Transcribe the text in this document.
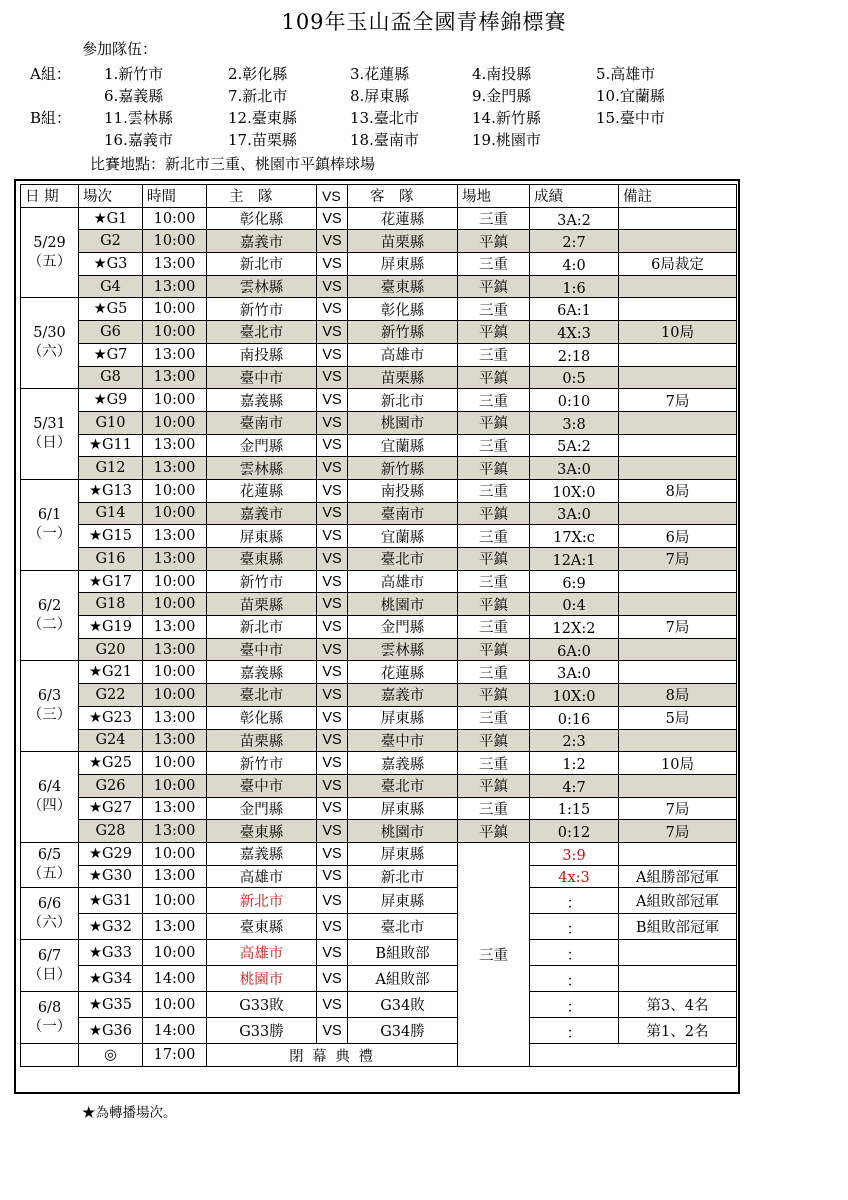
109年玉山盃全國青棒錦標賽
參加隊伍：
A組： 1.新竹市	2.彰化縣	3.花蓮縣	4.南投縣	5.高雄市
6.嘉義縣	7.新北市	8.屏東縣	9.金門縣	10.宜蘭縣
B組： 11.雲林縣	12.臺東縣	13.臺北市	14.新竹縣	15.臺中市
16.嘉義市	17.苗栗縣	18.臺南市	19.桃園市
比賽地點：新北市三重、桃園市平鎮棒球場
日 期	場次	時間	主　隊	VS	客　隊	場地	成績	備註

5/29
（五）	★G1	10:00	彰化縣	VS	花蓮縣	三重	3A:2	
	G2	10:00	嘉義市	VS	苗栗縣	平鎮	2:7	
	★G3	13:00	新北市	VS	屏東縣	三重	4:0	6局裁定
	G4	13:00	雲林縣	VS	臺東縣	平鎮	1:6	

5/30
（六）	★G5	10:00	新竹市	VS	彰化縣	三重	6A:1	
	G6	10:00	臺北市	VS	新竹縣	平鎮	4X:3	10局
	★G7	13:00	南投縣	VS	高雄市	三重	2:18	
	G8	13:00	臺中市	VS	苗栗縣	平鎮	0:5	

5/31
（日）	★G9	10:00	嘉義縣	VS	新北市	三重	0:10	7局
	G10	10:00	臺南市	VS	桃園市	平鎮	3:8	
	★G11	13:00	金門縣	VS	宜蘭縣	三重	5A:2	
	G12	13:00	雲林縣	VS	新竹縣	平鎮	3A:0	

6/1
（一）	★G13	10:00	花蓮縣	VS	南投縣	三重	10X:0	8局
	G14	10:00	嘉義市	VS	臺南市	平鎮	3A:0	
	★G15	13:00	屏東縣	VS	宜蘭縣	三重	17X:c	6局
	G16	13:00	臺東縣	VS	臺北市	平鎮	12A:1	7局

6/2
（二）	★G17	10:00	新竹市	VS	高雄市	三重	6:9	
	G18	10:00	苗栗縣	VS	桃園市	平鎮	0:4	
	★G19	13:00	新北市	VS	金門縣	三重	12X:2	7局
	G20	13:00	臺中市	VS	雲林縣	平鎮	6A:0	

6/3
（三）	★G21	10:00	嘉義縣	VS	花蓮縣	三重	3A:0	
	G22	10:00	臺北市	VS	嘉義市	平鎮	10X:0	8局
	★G23	13:00	彰化縣	VS	屏東縣	三重	0:16	5局
	G24	13:00	苗栗縣	VS	臺中市	平鎮	2:3	

6/4
（四）	★G25	10:00	新竹市	VS	嘉義縣	三重	1:2	10局
	G26	10:00	臺中市	VS	臺北市	平鎮	4:7	
	★G27	13:00	金門縣	VS	屏東縣	三重	1:15	7局
	G28	13:00	臺東縣	VS	桃園市	平鎮	0:12	7局

6/5
（五）	★G29	10:00	嘉義縣	VS	屏東縣	三重	3:9	
	★G30	13:00	高雄市	VS	新北市		4x:3	A組勝部冠軍

6/6
（六）	★G31	10:00	新北市	VS	屏東縣		：	A組敗部冠軍
	★G32	13:00	臺東縣	VS	臺北市		：	B組敗部冠軍

6/7
（日）	★G33	10:00	高雄市	VS	B組敗部		：	
	★G34	14:00	桃園市	VS	A組敗部		：	

6/8
（一）	★G35	10:00	G33敗	VS	G34敗		：	第3、4名
	★G36	14:00	G33勝	VS	G34勝		：	第1、2名
	◎	17:00	閉 幕 典 禮					
★為轉播場次。
